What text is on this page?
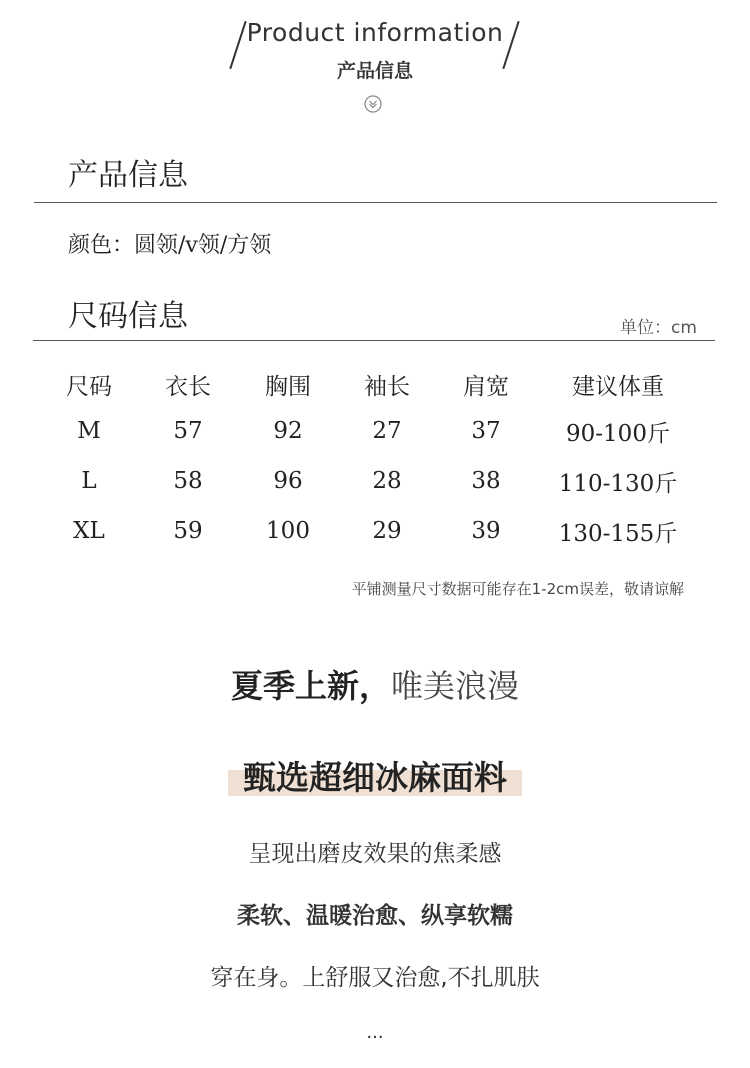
Product information
产品信息
产品信息
颜色：圆领/v领/方领
尺码信息	单位：cm
尺码	衣长	胸围	袖长	肩宽	建议体重
M	57	92	27	37	90-100斤
L	58	96	28	38	110-130斤
XL	59	100	29	39	130-155斤
平铺测量尺寸数据可能存在1-2cm误差，敬请谅解
夏季上新，唯美浪漫
甄选超细冰麻面料
呈现出磨皮效果的焦柔感
柔软、温暖治愈、纵享软糯
穿在身。上舒服又治愈,不扎肌肤
...
